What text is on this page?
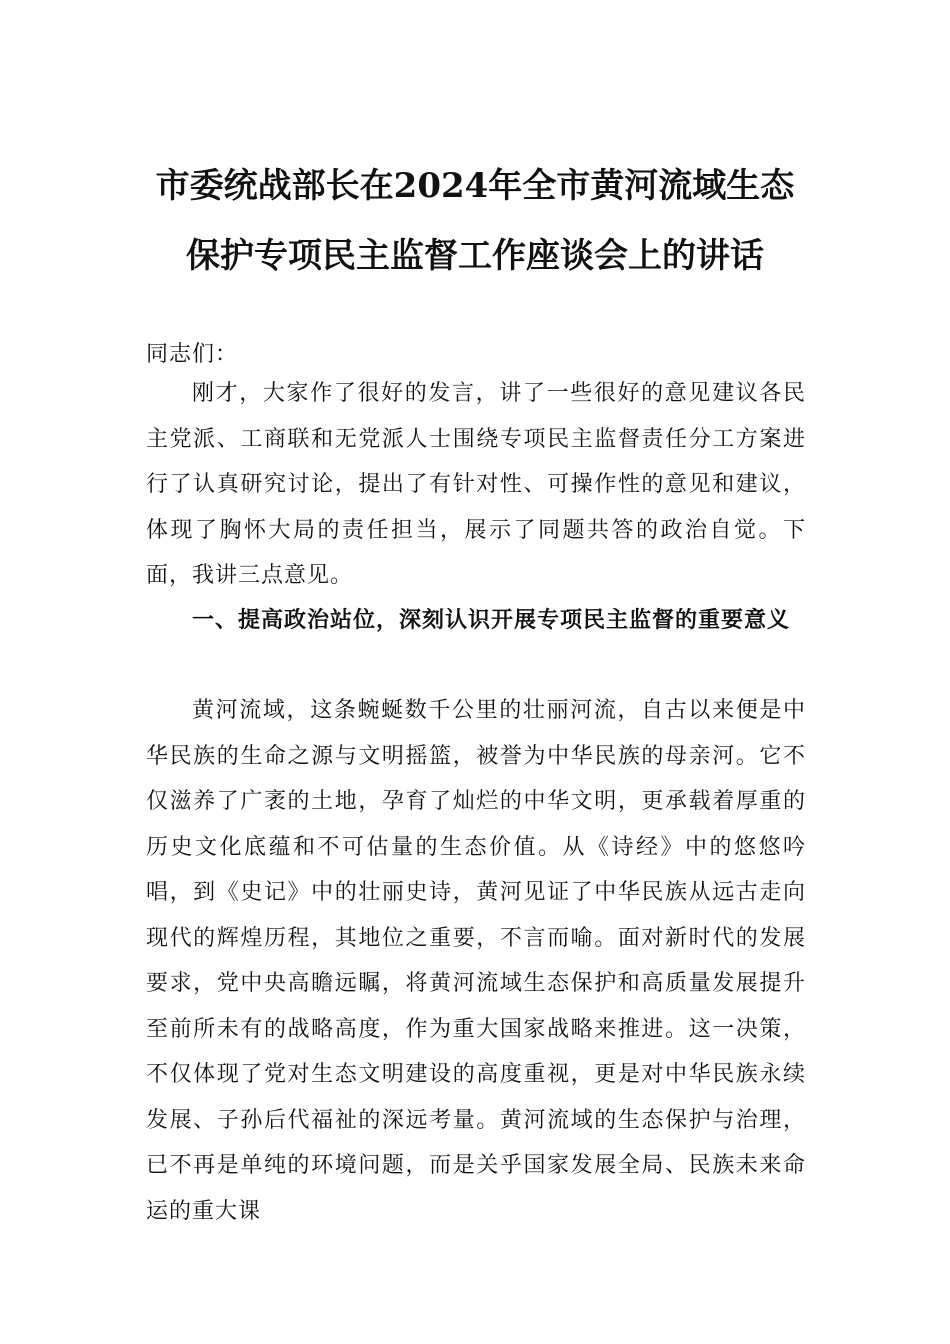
市委统战部长在2024年全市黄河流域生态
保护专项民主监督工作座谈会上的讲话
同志们：
刚才，大家作了很好的发言，讲了一些很好的意见建议各民主党派、工商联和无党派人士围绕专项民主监督责任分工方案进行了认真研究讨论，提出了有针对性、可操作性的意见和建议，体现了胸怀大局的责任担当，展示了同题共答的政治自觉。下面，我讲三点意见。
一、提高政治站位，深刻认识开展专项民主监督的重要意义
黄河流域，这条蜿蜒数千公里的壮丽河流，自古以来便是中华民族的生命之源与文明摇篮，被誉为中华民族的母亲河。它不仅滋养了广袤的土地，孕育了灿烂的中华文明，更承载着厚重的历史文化底蕴和不可估量的生态价值。从《诗经》中的悠悠吟唱，到《史记》中的壮丽史诗，黄河见证了中华民族从远古走向现代的辉煌历程，其地位之重要，不言而喻。面对新时代的发展要求，党中央高瞻远瞩，将黄河流域生态保护和高质量发展提升至前所未有的战略高度，作为重大国家战略来推进。这一决策，不仅体现了党对生态文明建设的高度重视，更是对中华民族永续发展、子孙后代福祉的深远考量。黄河流域的生态保护与治理，已不再是单纯的环境问题，而是关乎国家发展全局、民族未来命运的重大课
